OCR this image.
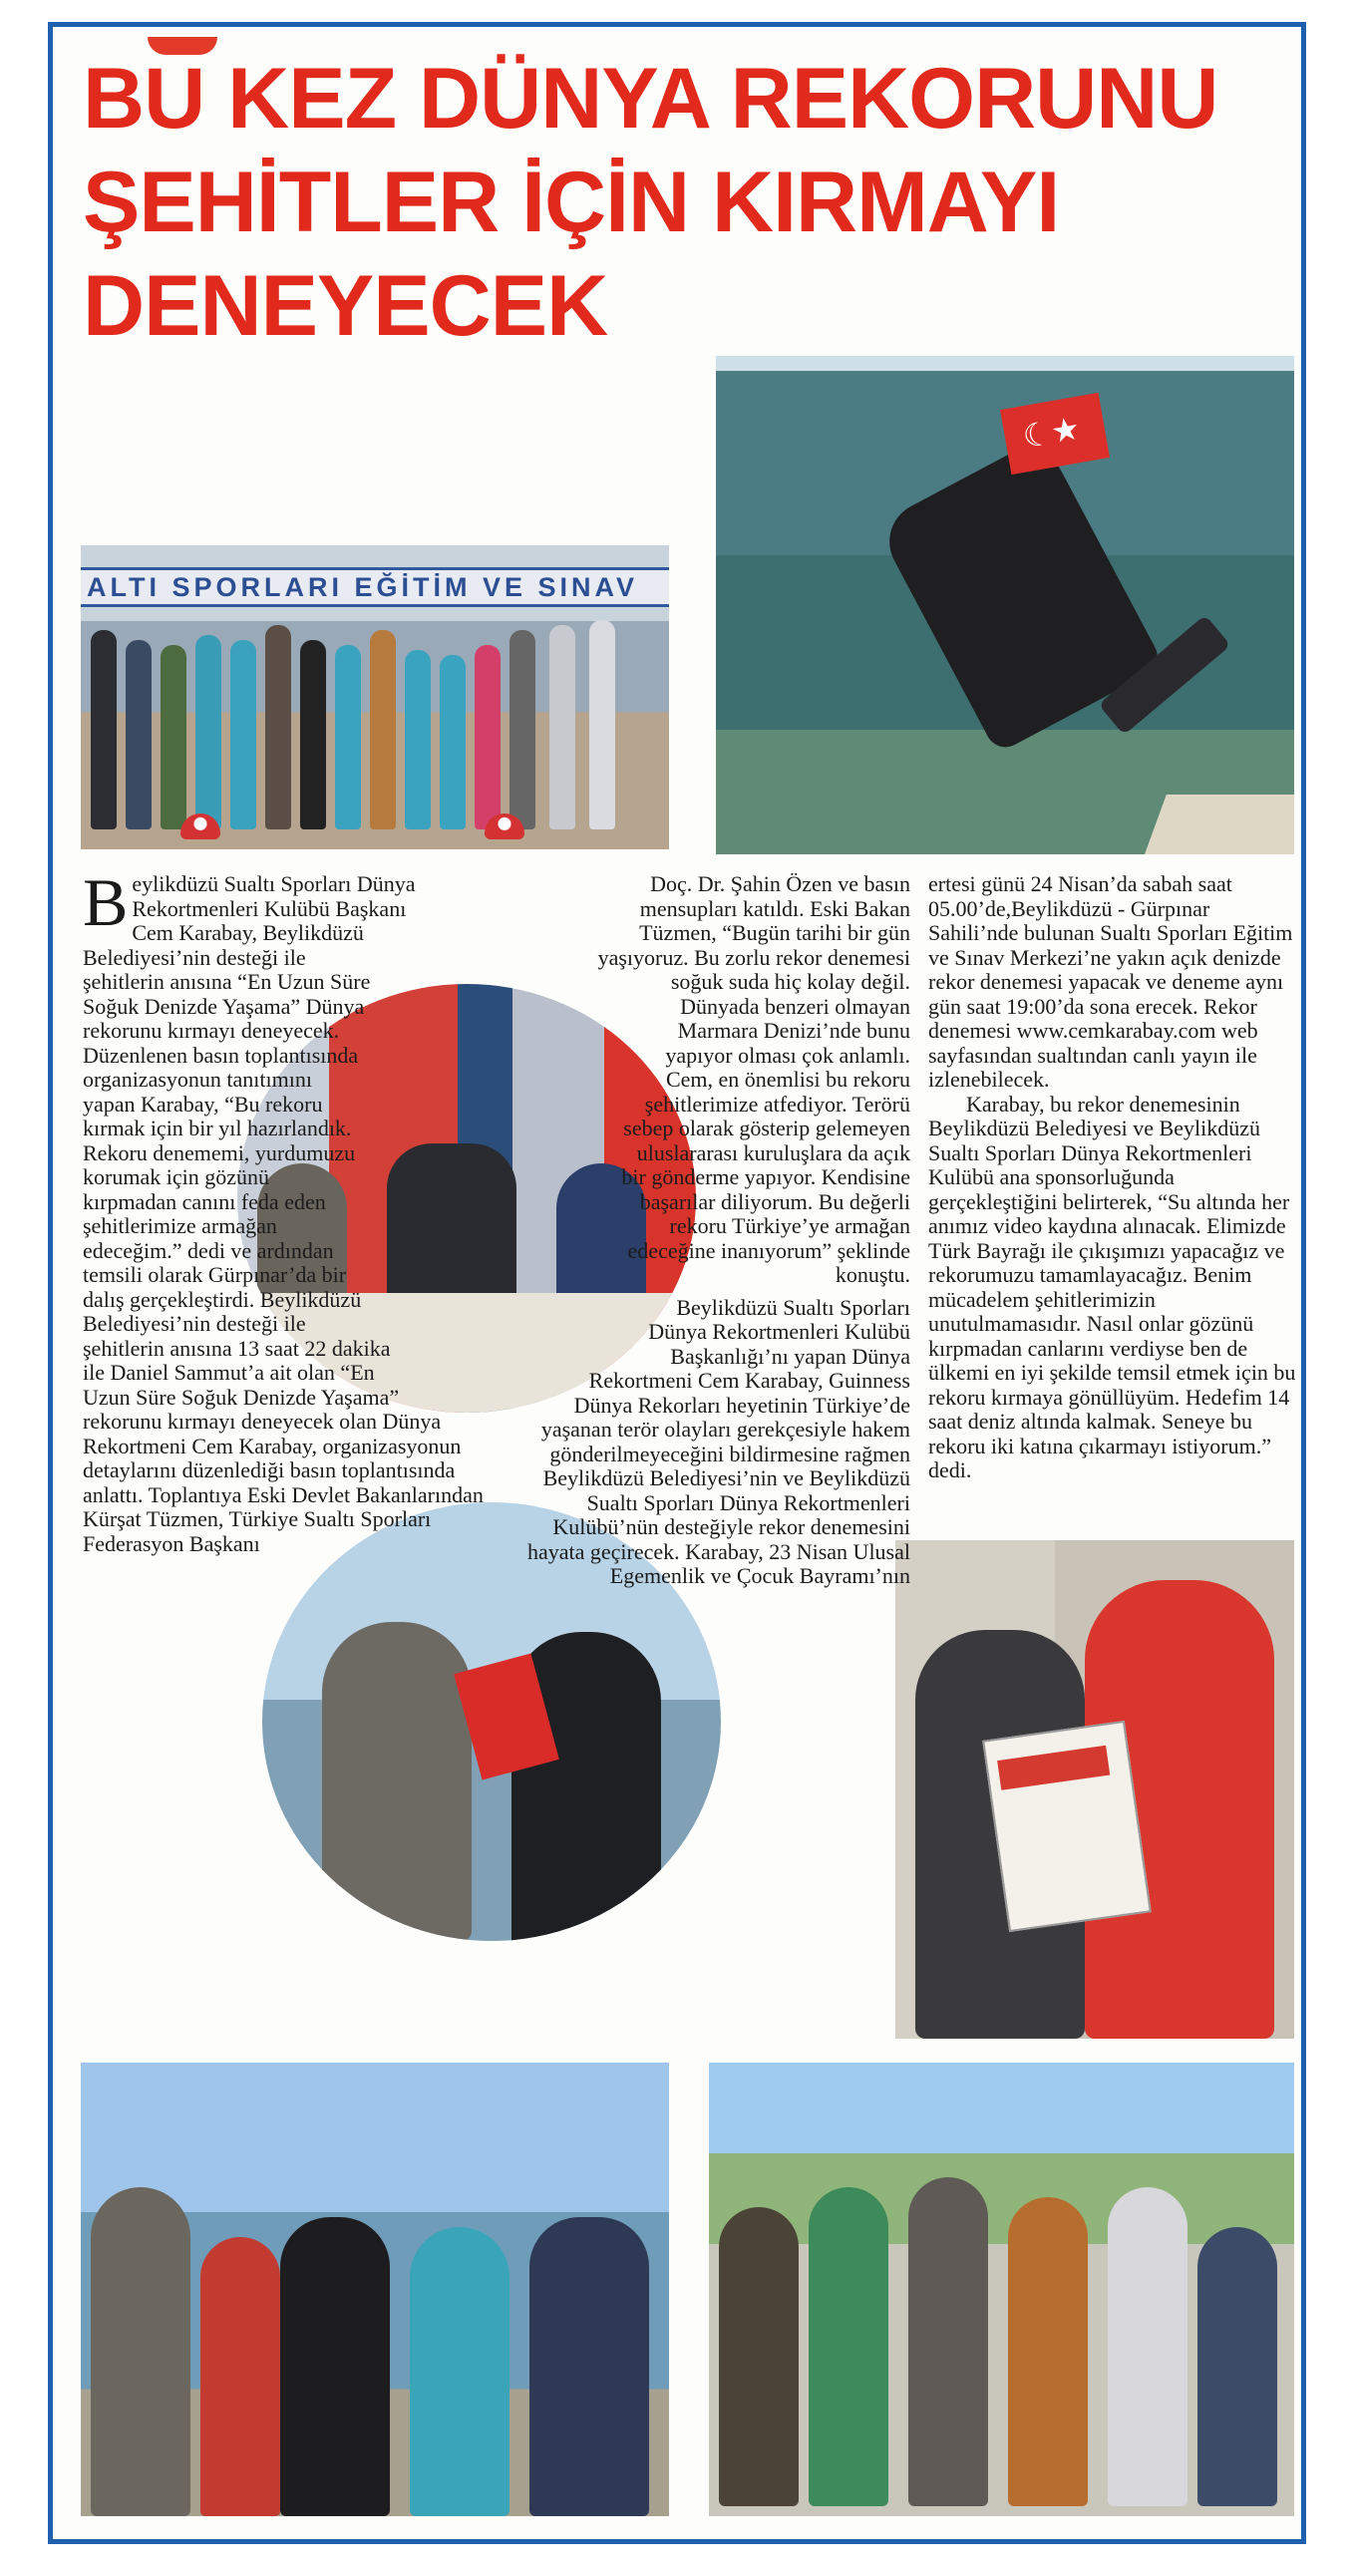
BU KEZ DÜNYA REKORUNU
ŞEHİTLER İÇİN KIRMAYI
DENEYECEK
ALTI SPORLARI EĞİTİM VE SINAV
☾★
B eylikdüzü Sualtı Sporları Dünya Rekortmenleri Kulübü Başkanı Cem Karabay, Beylikdüzü Belediyesi’nin desteği ile şehitlerin anısına “En Uzun Süre Soğuk Denizde Yaşama” Dünya rekorunu kırmayı deneyecek. Düzenlenen basın toplantısında organizasyonun tanıtımını yapan Karabay, “Bu rekoru kırmak için bir yıl hazırlandık. Rekoru denememi, yurdumuzu korumak için gözünü kırpmadan canını feda eden şehitlerimize armağan edeceğim.” dedi ve ardından temsili olarak Gürpınar’da bir dalış gerçekleştirdi. Beylikdüzü Belediyesi’nin desteği ile şehitlerin anısına 13 saat 22 dakika ile Daniel Sammut’a ait olan “En Uzun Süre Soğuk Denizde Yaşama” rekorunu kırmayı deneyecek olan Dünya Rekortmeni Cem Karabay, organizasyonun detaylarını düzenlediği basın toplantısında anlattı. Toplantıya Eski Devlet Bakanlarından Kürşat Tüzmen, Türkiye Sualtı Sporları Federasyon Başkanı

Doç. Dr. Şahin Özen ve basın mensupları katıldı. Eski Bakan Tüzmen, “Bugün tarihi bir gün yaşıyoruz. Bu zorlu rekor denemesi soğuk suda hiç kolay değil. Dünyada benzeri olmayan Marmara Denizi’nde bunu yapıyor olması çok anlamlı. Cem, en önemlisi bu rekoru şehitlerimize atfediyor. Terörü sebep olarak gösterip gelemeyen uluslararası kuruluşlara da açık bir gönderme yapıyor. Kendisine başarılar diliyorum. Bu değerli rekoru Türkiye’ye armağan edeceğine inanıyorum” şeklinde konuştu.

Beylikdüzü Sualtı Sporları Dünya Rekortmenleri Kulübü Başkanlığı’nı yapan Dünya Rekortmeni Cem Karabay, Guinness Dünya Rekorları heyetinin Türkiye’de yaşanan terör olayları gerekçesiyle hakem gönderilmeyeceğini bildirmesine rağmen Beylikdüzü Belediyesi’nin ve Beylikdüzü Sualtı Sporları Dünya Rekortmenleri Kulübü’nün desteğiyle rekor denemesini hayata geçirecek. Karabay, 23 Nisan Ulusal Egemenlik ve Çocuk Bayramı’nın

ertesi günü 24 Nisan’da sabah saat 05.00’de,Beylikdüzü - Gürpınar Sahili’nde bulunan Sualtı Sporları Eğitim ve Sınav Merkezi’ne yakın açık denizde rekor denemesi yapacak ve deneme aynı gün saat 19:00’da sona erecek. Rekor denemesi www.cemkarabay.com web sayfasından sualtından canlı yayın ile izlenebilecek.

Karabay, bu rekor denemesinin Beylikdüzü Belediyesi ve Beylikdüzü Sualtı Sporları Dünya Rekortmenleri Kulübü ana sponsorluğunda gerçekleştiğini belirterek, “Su altında her anımız video kaydına alınacak. Elimizde Türk Bayrağı ile çıkışımızı yapacağız ve rekorumuzu tamamlayacağız. Benim mücadelem şehitlerimizin unutulmamasıdır. Nasıl onlar gözünü kırpmadan canlarını verdiyse ben de ülkemi en iyi şekilde temsil etmek için bu rekoru kırmaya gönüllüyüm. Hedefim 14 saat deniz altında kalmak. Seneye bu rekoru iki katına çıkarmayı istiyorum.” dedi.
